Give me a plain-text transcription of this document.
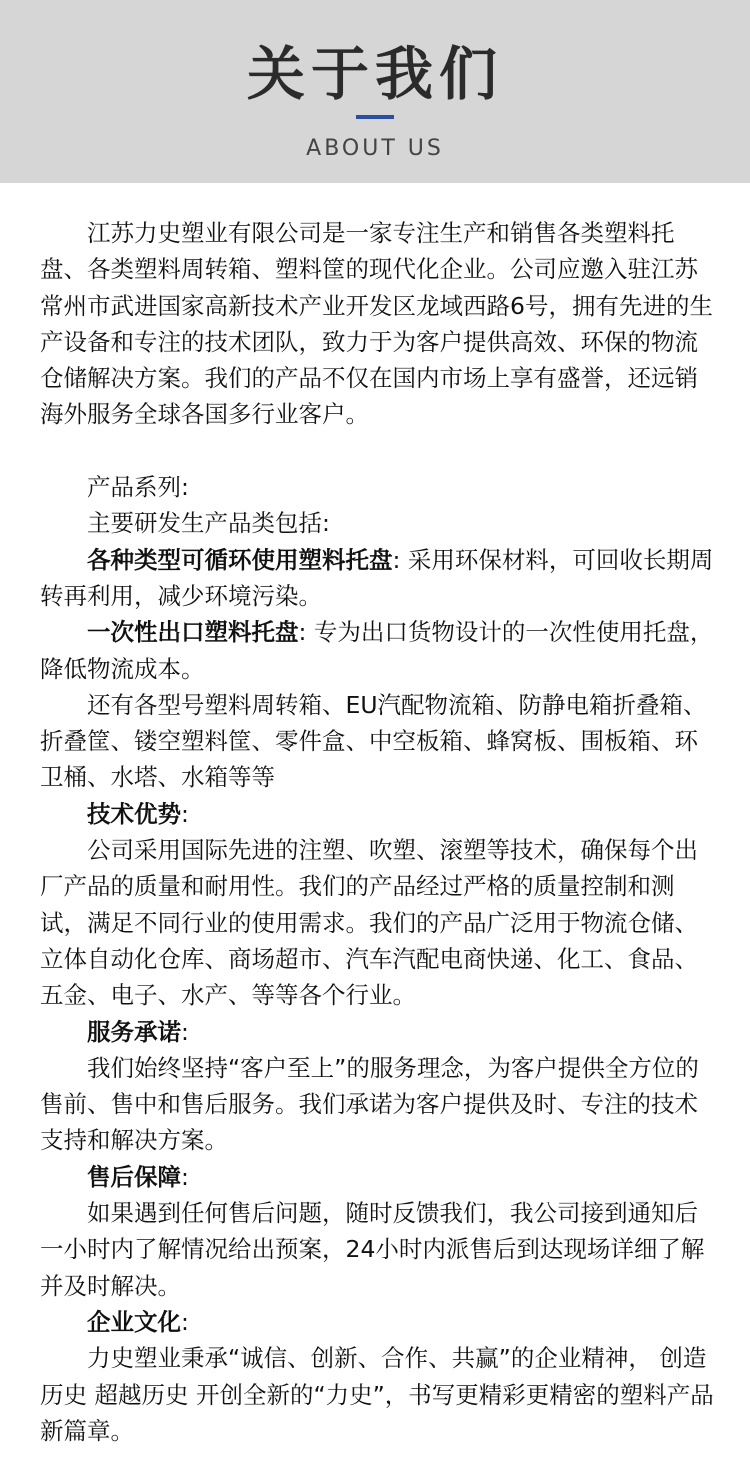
关于我们
ABOUT US

江苏力史塑业有限公司是一家专注生产和销售各类塑料托盘、各类塑料周转箱、塑料筐的现代化企业。公司应邀入驻江苏常州市武进国家高新技术产业开发区龙域西路6号，拥有先进的生产设备和专注的技术团队，致力于为客户提供高效、环保的物流仓储解决方案。我们的产品不仅在国内市场上享有盛誉，还远销海外服务全球各国多行业客户。

产品系列:

主要研发生产品类包括:

各种类型可循环使用塑料托盘: 采用环保材料，可回收长期周转再利用，减少环境污染。

一次性出口塑料托盘: 专为出口货物设计的一次性使用托盘，降低物流成本。

还有各型号塑料周转箱、EU汽配物流箱、防静电箱折叠箱、折叠筐、镂空塑料筐、零件盒、中空板箱、蜂窝板、围板箱、环卫桶、水塔、水箱等等

技术优势:

公司采用国际先进的注塑、吹塑、滚塑等技术，确保每个出厂产品的质量和耐用性。我们的产品经过严格的质量控制和测试，满足不同行业的使用需求。我们的产品广泛用于物流仓储、立体自动化仓库、商场超市、汽车汽配电商快递、化工、食品、五金、电子、水产、等等各个行业。

服务承诺:

我们始终坚持“客户至上”的服务理念，为客户提供全方位的售前、售中和售后服务。我们承诺为客户提供及时、专注的技术支持和解决方案。

售后保障:

如果遇到任何售后问题，随时反馈我们，我公司接到通知后一小时内了解情况给出预案，24小时内派售后到达现场详细了解并及时解决。

企业文化:

力史塑业秉承“诚信、创新、合作、共赢”的企业精神， 创造历史 超越历史 开创全新的“力史”，书写更精彩更精密的塑料产品新篇章。
